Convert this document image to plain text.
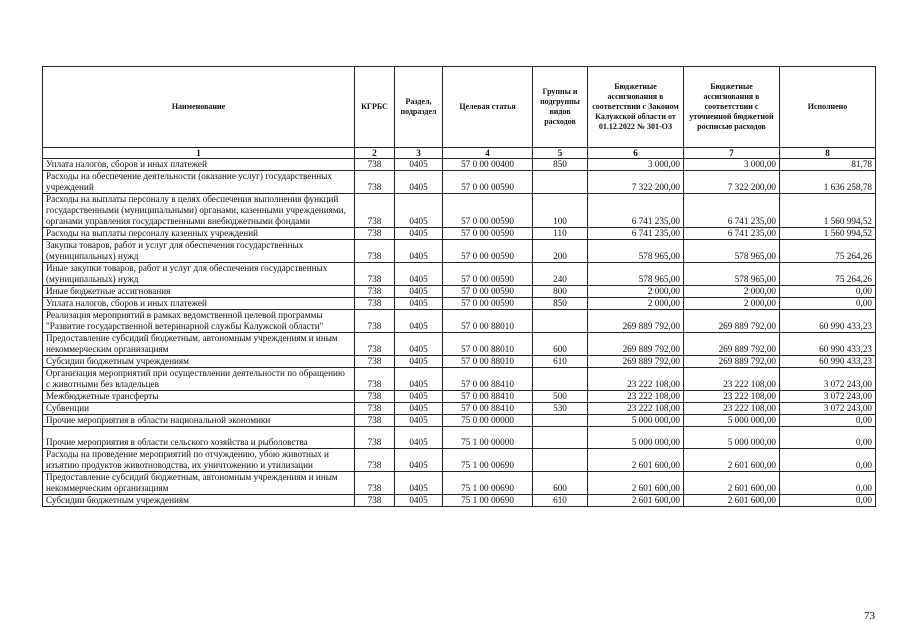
Наименование	КГРБС	Раздел, подраздел	Целевая статья	Группы и подгруппы видов расходов	Бюджетные ассигнования в соответствии с Законом Калужской области от 01.12.2022 № 301-ОЗ	Бюджетные ассигнования в соответствии с уточненной бюджетной росписью расходов	Исполнено
1	2	3	4	5	6	7	8
Уплата налогов, сборов и иных платежей	738	0405	57 0 00 00400	850	3 000,00	3 000,00	81,78
Расходы на обеспечение деятельности (оказание услуг) государственных учреждений	738	0405	57 0 00 00590		7 322 200,00	7 322 200,00	1 636 258,78
Расходы на выплаты персоналу в целях обеспечения выполнения функций государственными (муниципальными) органами, казенными учреждениями, органами управления государственными внебюджетными фондами	738	0405	57 0 00 00590	100	6 741 235,00	6 741 235,00	1 560 994,52
Расходы на выплаты персоналу казенных учреждений	738	0405	57 0 00 00590	110	6 741 235,00	6 741 235,00	1 560 994,52
Закупка товаров, работ и услуг для обеспечения государственных (муниципальных) нужд	738	0405	57 0 00 00590	200	578 965,00	578 965,00	75 264,26
Иные закупки товаров, работ и услуг для обеспечения государственных (муниципальных) нужд	738	0405	57 0 00 00590	240	578 965,00	578 965,00	75 264,26
Иные бюджетные ассигнования	738	0405	57 0 00 00590	800	2 000,00	2 000,00	0,00
Уплата налогов, сборов и иных платежей	738	0405	57 0 00 00590	850	2 000,00	2 000,00	0,00
Реализация мероприятий в рамках ведомственной целевой программы "Развитие государственной ветеринарной службы Калужской области"	738	0405	57 0 00 88010		269 889 792,00	269 889 792,00	60 990 433,23
Предоставление субсидий бюджетным, автономным учреждениям и иным некоммерческим организациям	738	0405	57 0 00 88010	600	269 889 792,00	269 889 792,00	60 990 433,23
Субсидии бюджетным учреждениям	738	0405	57 0 00 88010	610	269 889 792,00	269 889 792,00	60 990 433,23
Организация мероприятий при осуществлении деятельности по обращению с животными без владельцев	738	0405	57 0 00 88410		23 222 108,00	23 222 108,00	3 072 243,00
Межбюджетные трансферты	738	0405	57 0 00 88410	500	23 222 108,00	23 222 108,00	3 072 243,00
Субвенции	738	0405	57 0 00 88410	530	23 222 108,00	23 222 108,00	3 072 243,00
Прочие мероприятия в области национальной экономики	738	0405	75 0 00 00000		5 000 000,00	5 000 000,00	0,00
Прочие мероприятия в области сельского хозяйства и рыболовства	738	0405	75 1 00 00000		5 000 000,00	5 000 000,00	0,00
Расходы на проведение мероприятий по отчуждению, убою животных и изъятию продуктов животноводства, их уничтожению и утилизации	738	0405	75 1 00 00690		2 601 600,00	2 601 600,00	0,00
Предоставление субсидий бюджетным, автономным учреждениям и иным некоммерческим организациям	738	0405	75 1 00 00690	600	2 601 600,00	2 601 600,00	0,00
Субсидии бюджетным учреждениям	738	0405	75 1 00 00690	610	2 601 600,00	2 601 600,00	0,00
73
